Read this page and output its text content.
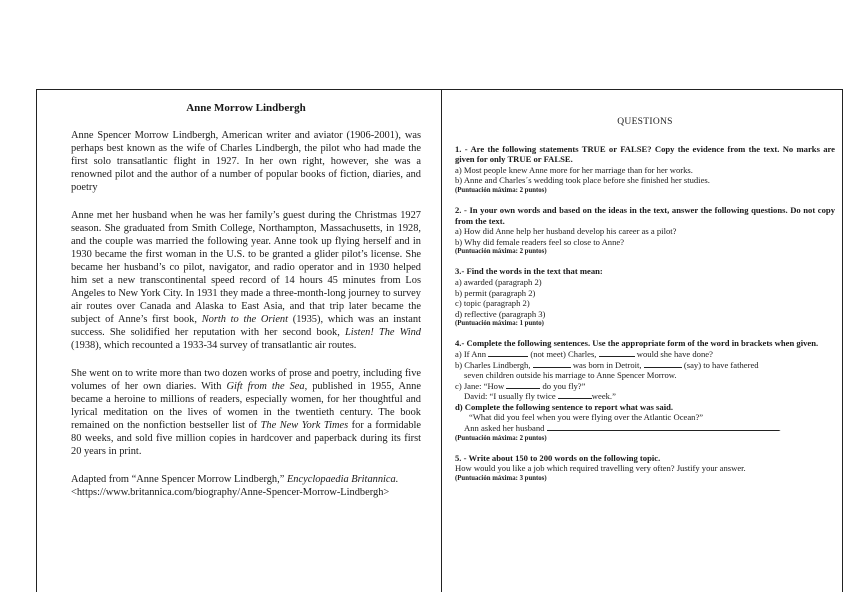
Anne Morrow Lindbergh

Anne Spencer Morrow Lindbergh, American writer and aviator (1906-2001), was perhaps best known as the wife of Charles Lindbergh, the pilot who had made the first solo transatlantic flight in 1927. In her own right, however, she was a renowned pilot and the author of a number of popular books of fiction, diaries, and poetry

Anne met her husband when he was her family’s guest during the Christmas 1927 season. She graduated from Smith College, Northampton, Massachusetts, in 1928, and the couple was married the following year. Anne took up flying herself and in 1930 became the first woman in the U.S. to be granted a glider pilot’s license. She became her husband’s co pilot, navigator, and radio operator and in 1930 helped him set a new transcontinental speed record of 14 hours 45 minutes from Los Angeles to New York City. In 1931 they made a three-month-long journey to survey air routes over Canada and Alaska to East Asia, and that trip later became the subject of Anne’s first book, North to the Orient (1935), which was an instant success. She solidified her reputation with her second book, Listen! The Wind (1938), which recounted a 1933-34 survey of transatlantic air routes.

She went on to write more than two dozen works of prose and poetry, including five volumes of her own diaries. With Gift from the Sea, published in 1955, Anne became a heroine to millions of readers, especially women, for her thoughtful and lyrical meditation on the lives of women in the twentieth century. The book remained on the nonfiction bestseller list of The New York Times for a formidable 80 weeks, and sold five million copies in hardcover and paperback during its first 20 years in print.

Adapted from “Anne Spencer Morrow Lindbergh,” Encyclopaedia Britannica.
<https://www.britannica.com/biography/Anne-Spencer-Morrow-Lindbergh>

QUESTIONS

1. - Are the following statements TRUE or FALSE? Copy the evidence from the text. No marks are given for only TRUE or FALSE.
a) Most people knew Anne more for her marriage than for her works.
b) Anne and Charles´s wedding took place before she finished her studies.
(Puntuación máxima: 2 puntos)
2. - In your own words and based on the ideas in the text, answer the following questions. Do not copy from the text.
a) How did Anne help her husband develop his career as a pilot?
b) Why did female readers feel so close to Anne?
(Puntuación máxima: 2 puntos)
3.- Find the words in the text that mean:
a) awarded (paragraph 2)
b) permit (paragraph 2)
c) topic (paragraph 2)
d) reflective (paragraph 3)
(Puntuación máxima: 1 punto)
4.- Complete the following sentences. Use the appropriate form of the word in brackets when given.
a) If Ann	(not meet) Charles,	would she have done?
b) Charles Lindbergh,	was born in Detroit,	(say) to have fathered
seven children outside his marriage to Anne Spencer Morrow.
c) Jane: “How	do you fly?”
David: “I usually fly twice	week.”
d) Complete the following sentence to report what was said.
“What did you feel when you were flying over the Atlantic Ocean?”
Ann asked her husband	.
(Puntuación máxima: 2 puntos)
5. - Write about 150 to 200 words on the following topic.
How would you like a job which required travelling very often? Justify your answer.
(Puntuación máxima: 3 puntos)
